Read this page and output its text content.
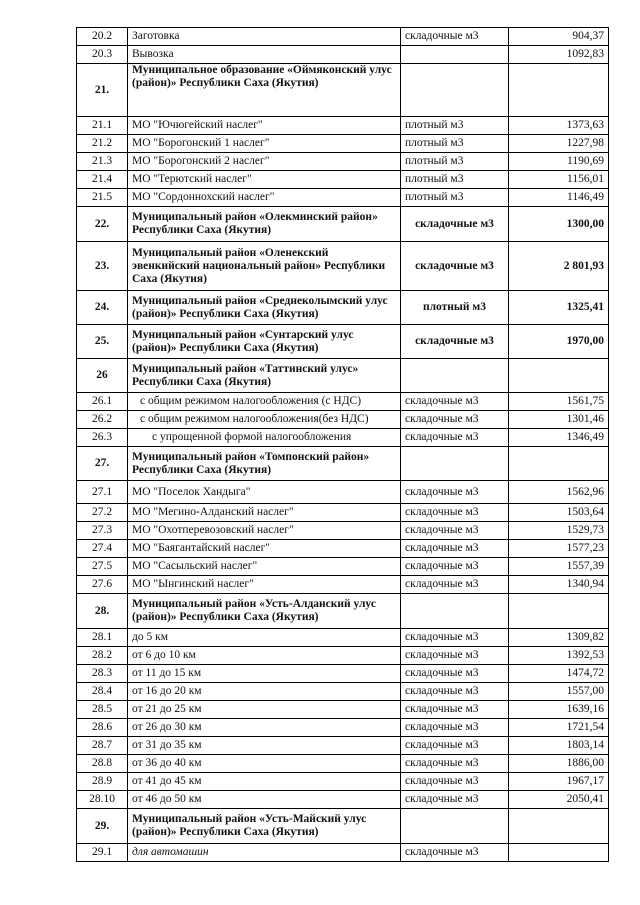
20.2	Заготовка	складочные м3	904,37
20.3	Вывозка		1092,83
21.	Муниципальное образование «Оймяконский улус (район)» Республики Саха (Якутия)		
21.1	МО "Ючюгейский наслег"	плотный м3	1373,63
21.2	МО "Борогонский 1 наслег"	плотный м3	1227,98
21.3	МО "Борогонский 2 наслег"	плотный м3	1190,69
21.4	МО "Терютский наслег"	плотный м3	1156,01
21.5	МО "Сордоннохский наслег"	плотный м3	1146,49
22.	Муниципальный район «Олекминский район» Республики Саха (Якутия)	складочные м3	1300,00
23.	Муниципальный район «Оленекский эвенкийский национальный район» Республики Саха (Якутия)	складочные м3	2 801,93
24.	Муниципальный район «Среднеколымский улус (район)» Республики Саха (Якутия)	плотный м3	1325,41
25.	Муниципальный район «Сунтарский улус (район)» Республики Саха (Якутия)	складочные м3	1970,00
26	Муниципальный район «Таттинский улус» Республики Саха (Якутия)		
26.1	с общим режимом налогообложения (с НДС)	складочные м3	1561,75
26.2	с общим режимом налогообложения(без НДС)	складочные м3	1301,46
26.3	с упрощенной формой налогообложения	складочные м3	1346,49
27.	Муниципальный район «Томпонский район» Республики Саха (Якутия)		
27.1	МО "Поселок Хандыга"	складочные м3	1562,96
27.2	МО "Мегино-Алданский наслег"	складочные м3	1503,64
27.3	МО "Охотперевозовский наслег"	складочные м3	1529,73
27.4	МО "Баягантайский наслег"	складочные м3	1577,23
27.5	МО "Сасыльский наслег"	складочные м3	1557,39
27.6	МО "Ынгинский наслег"	складочные м3	1340,94
28.	Муниципальный район «Усть-Алданский улус (район)» Республики Саха (Якутия)		
28.1	до 5 км	складочные м3	1309,82
28.2	от 6 до 10 км	складочные м3	1392,53
28.3	от 11 до 15 км	складочные м3	1474,72
28.4	от 16 до 20 км	складочные м3	1557,00
28.5	от 21 до 25 км	складочные м3	1639,16
28.6	от 26 до 30 км	складочные м3	1721,54
28.7	от 31 до 35 км	складочные м3	1803,14
28.8	от 36 до 40 км	складочные м3	1886,00
28.9	от 41 до 45 км	складочные м3	1967,17
28.10	от 46 до 50 км	складочные м3	2050,41
29.	Муниципальный район «Усть-Майский улус (район)» Республики Саха (Якутия)		
29.1	для автомашин	складочные м3	
